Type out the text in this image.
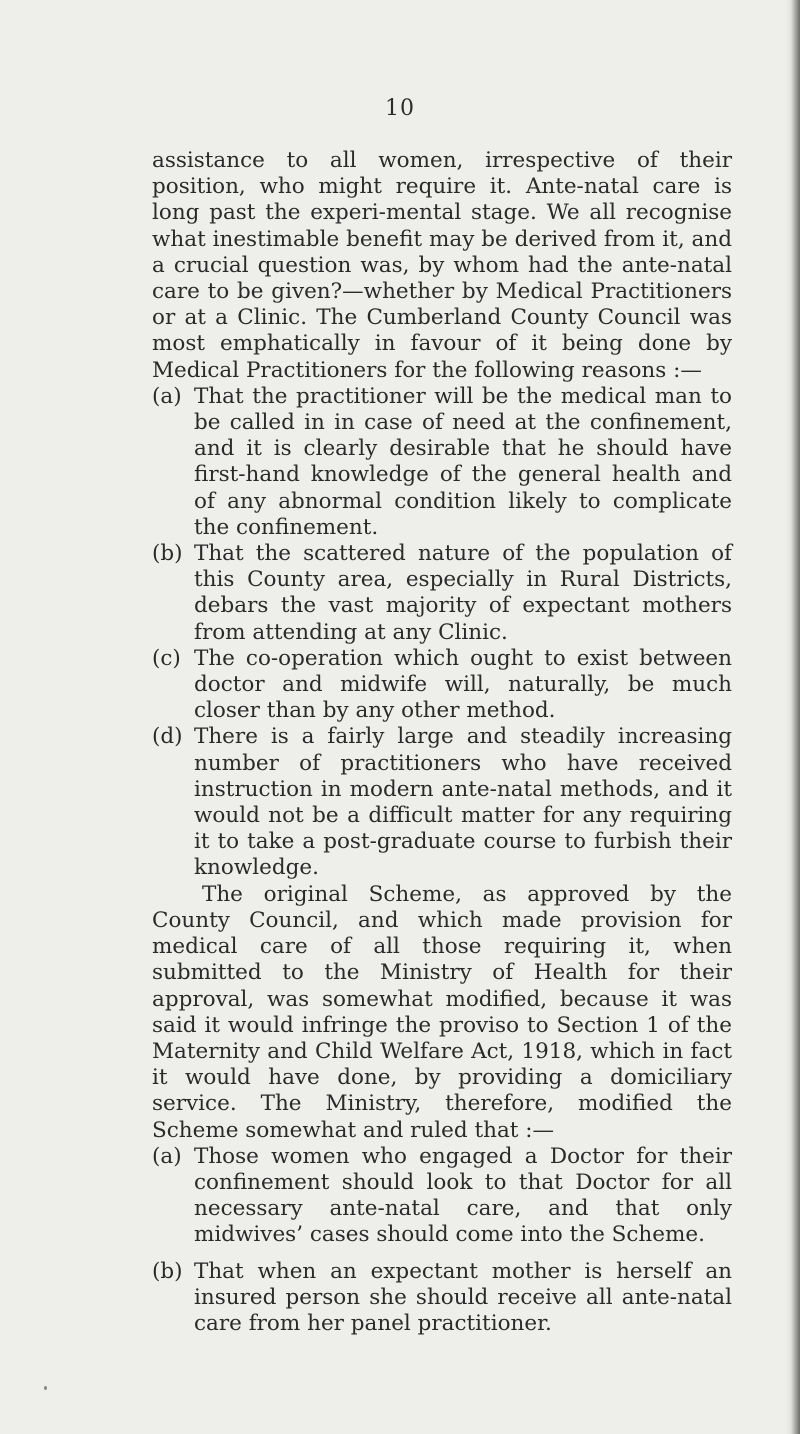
10

assistance to all women, irrespective of their position, who might require it. Ante-natal care is long past the experi-mental stage. We all recognise what inestimable benefit may be derived from it, and a crucial question was, by whom had the ante-natal care to be given?—whether by Medical Practitioners or at a Clinic. The Cumberland County Council was most emphatically in favour of it being done by Medical Practitioners for the following reasons :—

(a) That the practitioner will be the medical man to be called in in case of need at the confinement, and it is clearly desirable that he should have first-hand knowledge of the general health and of any abnormal condition likely to complicate the confinement.
(b) That the scattered nature of the population of this County area, especially in Rural Districts, debars the vast majority of expectant mothers from attending at any Clinic.
(c) The co-operation which ought to exist between doctor and midwife will, naturally, be much closer than by any other method.
(d) There is a fairly large and steadily increasing number of practitioners who have received instruction in modern ante-natal methods, and it would not be a difficult matter for any requiring it to take a post-graduate course to furbish their knowledge.

The original Scheme, as approved by the County Council, and which made provision for medical care of all those requiring it, when submitted to the Ministry of Health for their approval, was somewhat modified, because it was said it would infringe the proviso to Section 1 of the Maternity and Child Welfare Act, 1918, which in fact it would have done, by providing a domiciliary service. The Ministry, therefore, modified the Scheme somewhat and ruled that :—

(a) Those women who engaged a Doctor for their confinement should look to that Doctor for all necessary ante-natal care, and that only midwives’ cases should come into the Scheme.
(b) That when an expectant mother is herself an insured person she should receive all ante-natal care from her panel practitioner.
